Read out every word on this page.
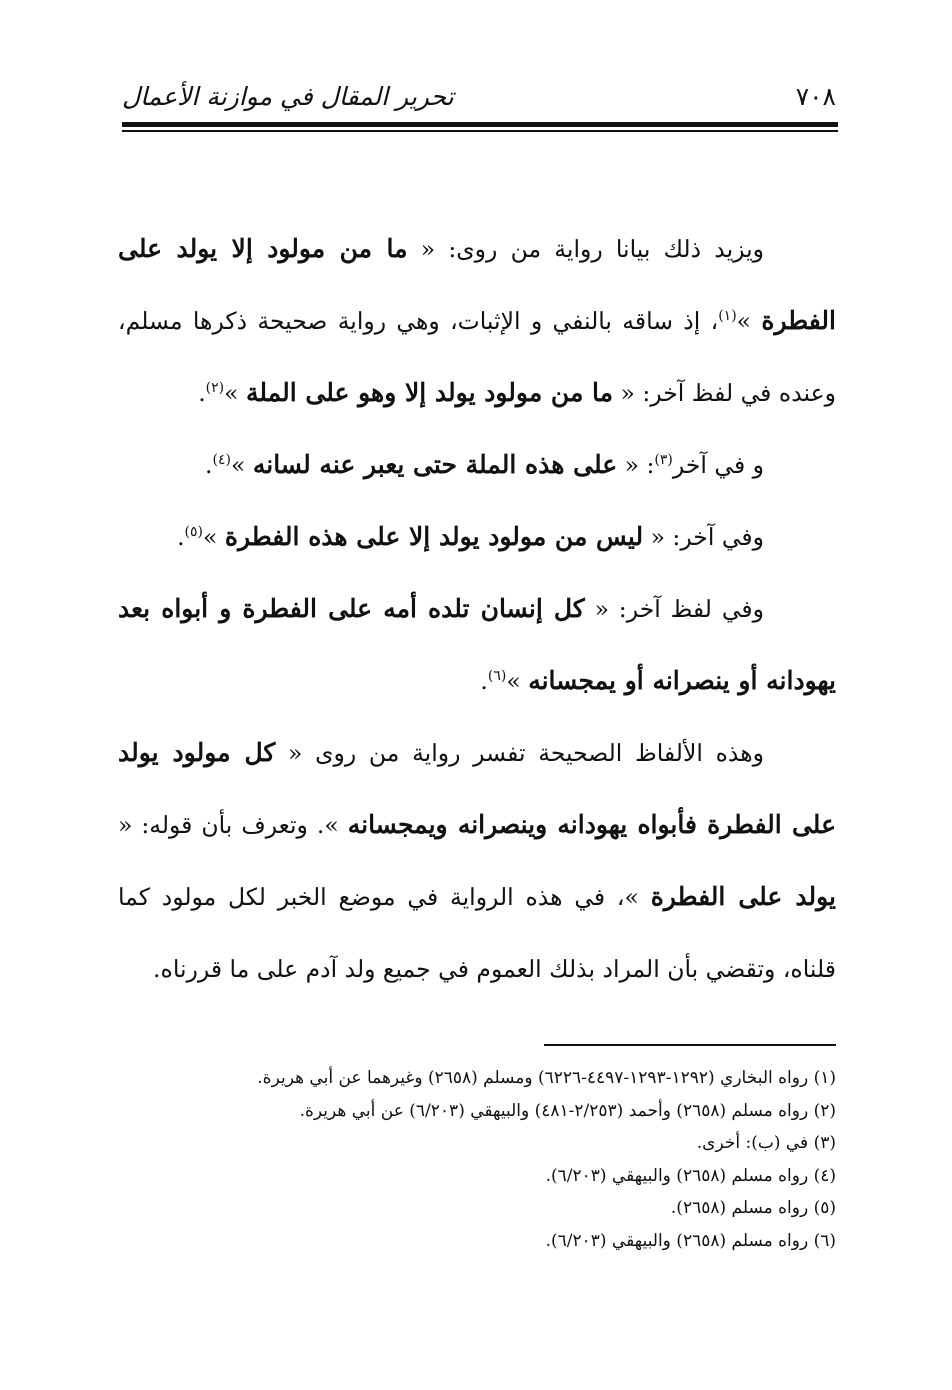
٧٠٨
تحرير المقال في موازنة الأعمال

ويزيد ذلك بيانا رواية من روى: « ما من مولود إلا يولد على الفطرة »$^{(١)}$، إذ ساقه بالنفي و الإثبات، وهي رواية صحيحة ذكرها مسلم، وعنده في لفظ آخر: « ما من مولود يولد إلا وهو على الملة »$^{(٢)}$.

و في آخر$^{(٣)}$: « على هذه الملة حتى يعبر عنه لسانه »$^{(٤)}$.

وفي آخر: « ليس من مولود يولد إلا على هذه الفطرة »$^{(٥)}$.

وفي لفظ آخر: « كل إنسان تلده أمه على الفطرة و أبواه بعد يهودانه أو ينصرانه أو يمجسانه »$^{(٦)}$.

وهذه الألفاظ الصحيحة تفسر رواية من روى « كل مولود يولد على الفطرة فأبواه يهودانه وينصرانه ويمجسانه ». وتعرف بأن قوله: « يولد على الفطرة »، في هذه الرواية في موضع الخبر لكل مولود كما قلناه، وتقضي بأن المراد بذلك العموم في جميع ولد آدم على ما قررناه.

(١) رواه البخاري (١٢٩٢-١٢٩٣-٤٤٩٧-٦٢٢٦) ومسلم (٢٦٥٨) وغيرهما عن أبي هريرة.

(٢) رواه مسلم (٢٦٥٨) وأحمد (٢/٢٥٣-٤٨١) والبيهقي (٦/٢٠٣) عن أبي هريرة.

(٣) في (ب): أخرى.

(٤) رواه مسلم (٢٦٥٨) والبيهقي (٦/٢٠٣).

(٥) رواه مسلم (٢٦٥٨).

(٦) رواه مسلم (٢٦٥٨) والبيهقي (٦/٢٠٣).
